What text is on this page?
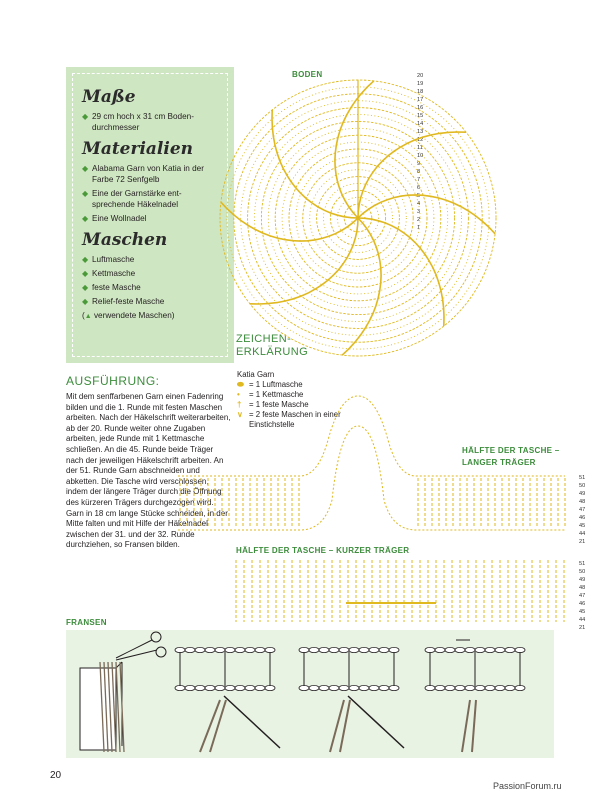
Maße
◆ 29 cm hoch x 31 cm Boden-durchmesser
Materialien
◆ Alabama Garn von Katia in der Farbe 72 Senfgelb
◆ Eine der Garnstärke ent-sprechende Häkelnadel
◆ Eine Wollnadel
Maschen
◆ Luftmasche
◆ Kettmasche
◆ feste Masche
◆ Relief-feste Masche
(▲ verwendete Maschen)
AUSFÜHRUNG:

Mit dem senffarbenen Garn einen Fadenring bilden und die 1. Runde mit festen Maschen arbeiten. Nach der Häkelschrift weiterarbeiten, ab der 20. Runde weiter ohne Zugaben arbeiten, jede Runde mit 1 Kettmasche schließen. An die 45. Runde beide Träger nach der jeweiligen Häkelschrift arbeiten. An der 51. Runde Garn abschneiden und abketten. Die Tasche wird verschlossen, indem der längere Träger durch die Öffnung des kürzeren Trägers durchgezogen wird. Garn in 18 cm lange Stücke schneiden, in der Mitte falten und mit Hilfe der Häkelnadel zwischen der 31. und der 32. Runde durchziehen, so Fransen bilden.

ZEICHEN-
ERKLÄRUNG
Katia Garn
⬬ = 1 Luftmasche
• = 1 Kettmasche
† = 1 feste Masche
∨ = 2 feste Maschen in einer Einstichstelle
BODEN
HÄLFTE DER TASCHE –
LANGER TRÄGER
HÄLFTE DER TASCHE – KURZER TRÄGER
FRANSEN
20
19
18
17
16
15
14
13
12
11
10
9
8
7
6
5
4
3
2
1
51
50
49
48
47
46
45
44
21
51
50
49
48
47
46
45
44
21
20
PassionForum.ru
